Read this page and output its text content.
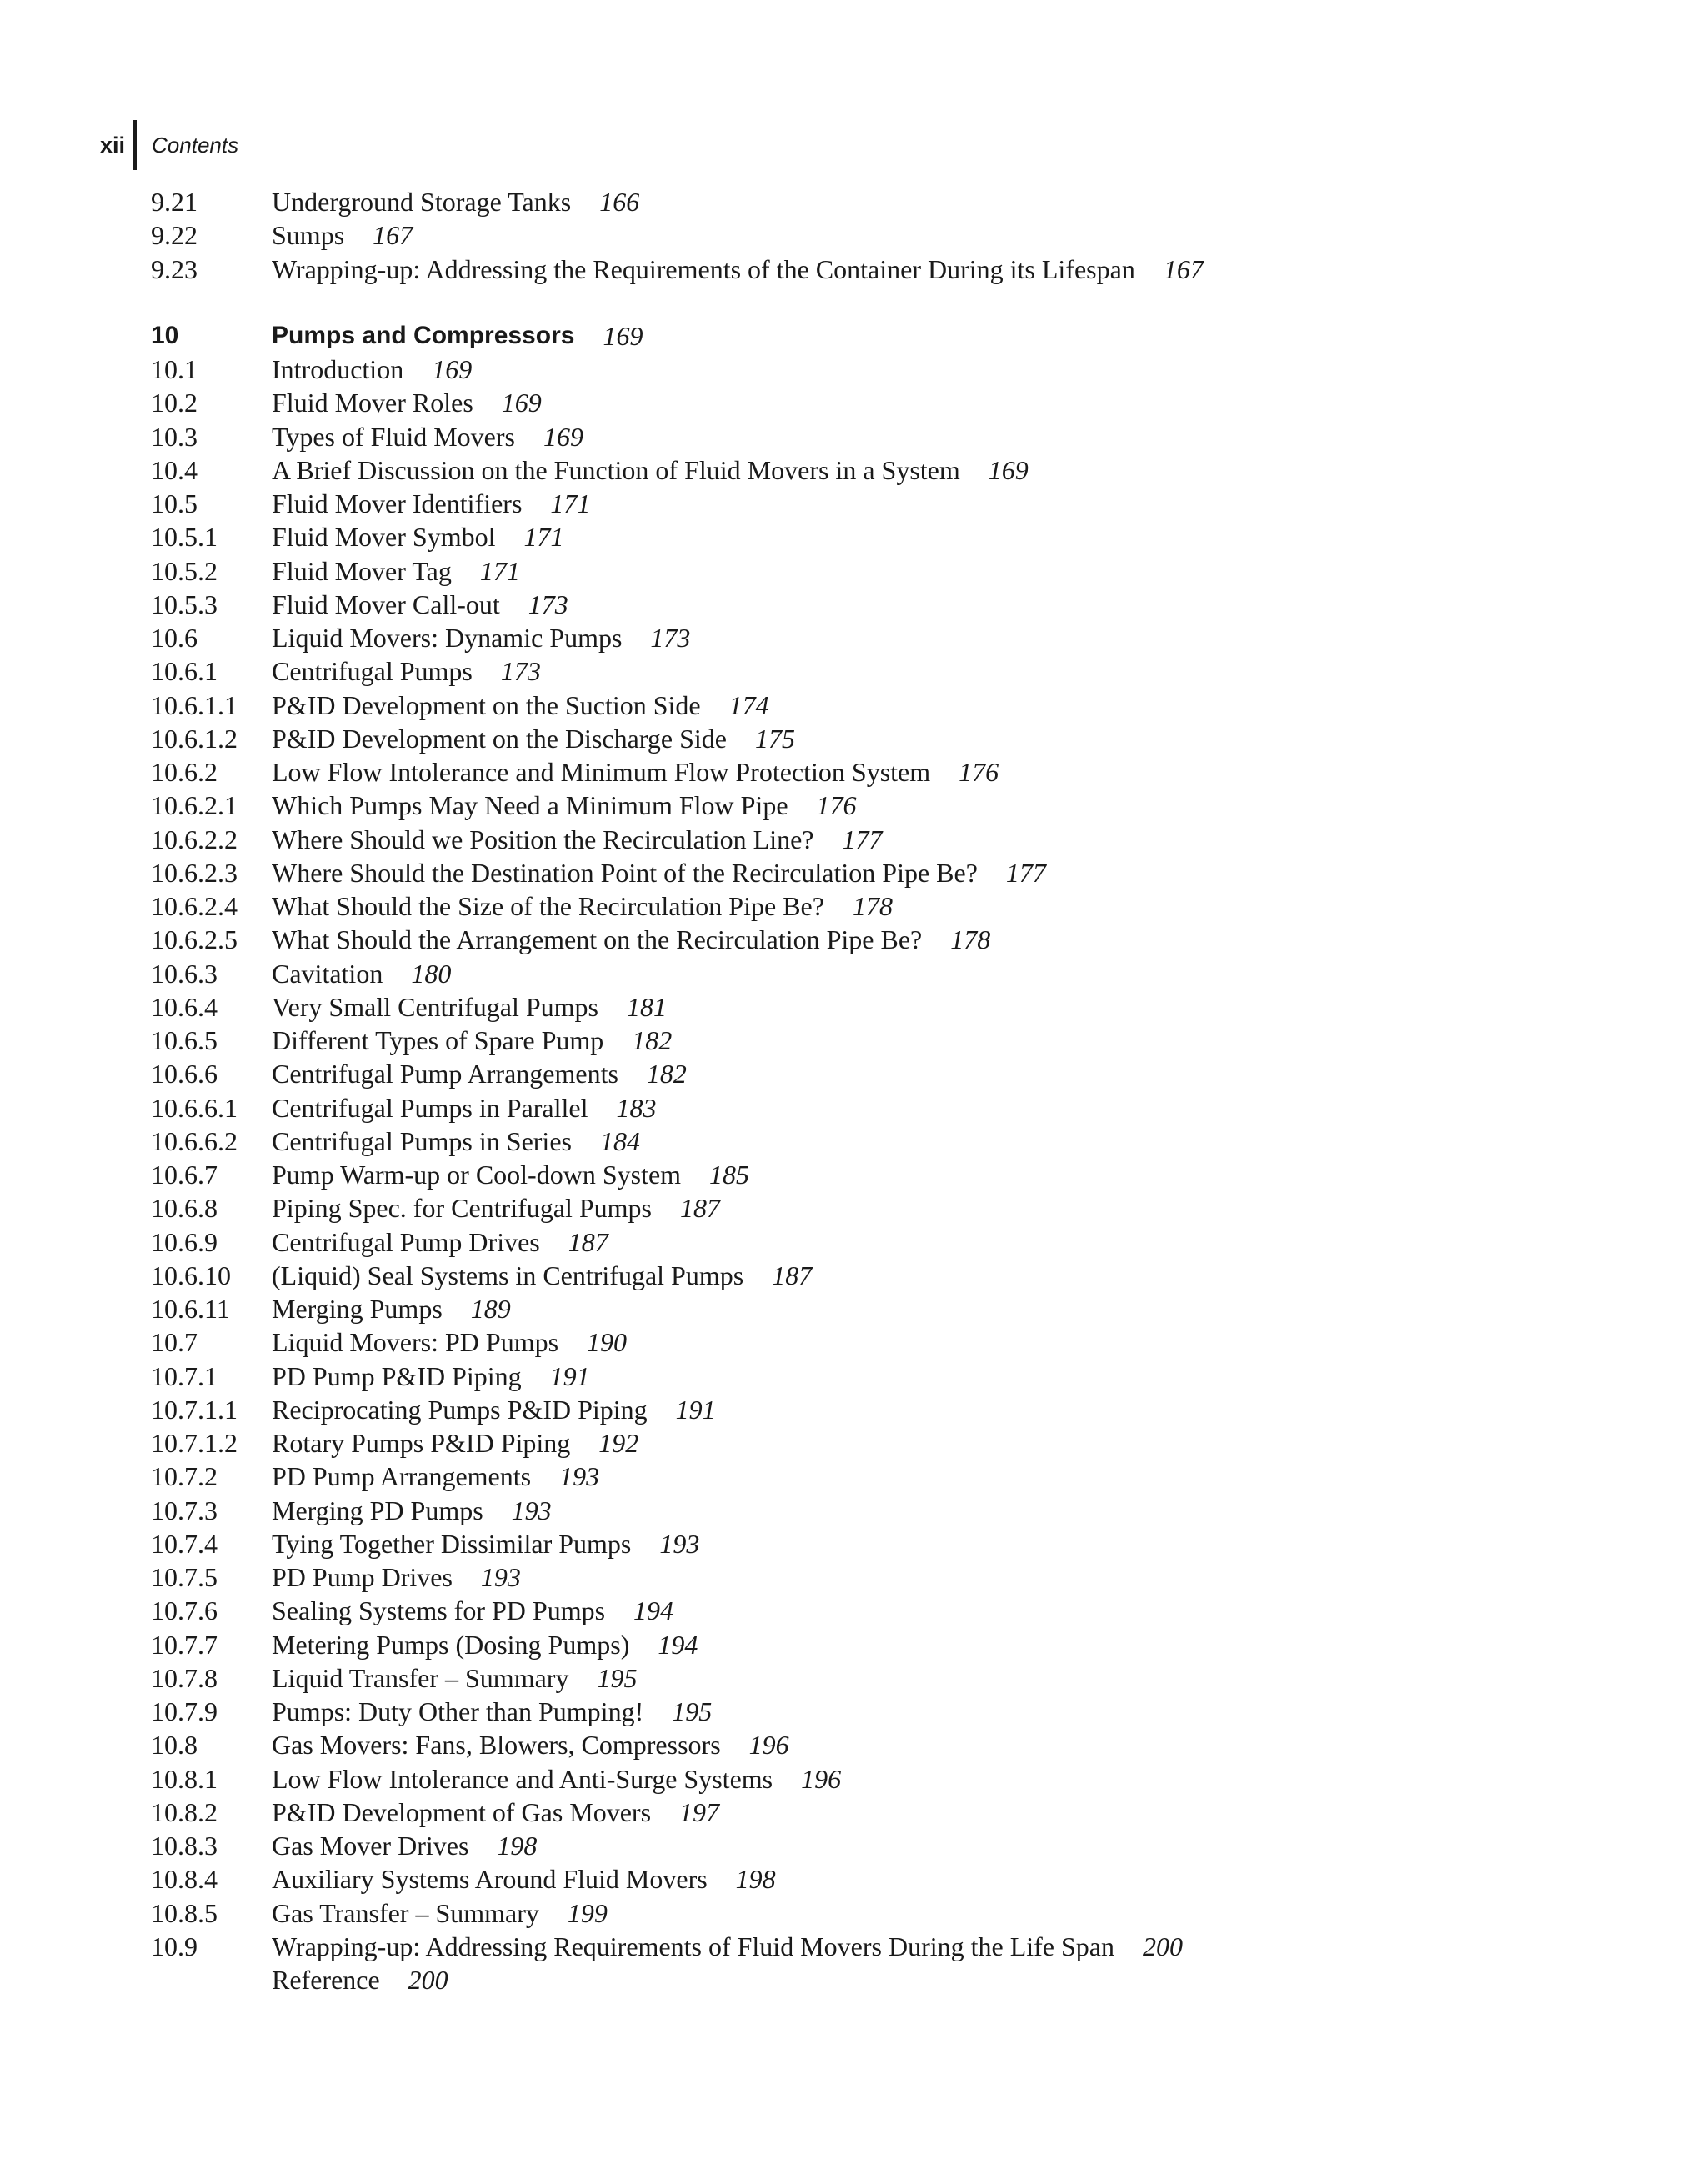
xii	Contents
9.21	Underground Storage Tanks 166
9.22	Sumps 167
9.23	Wrapping-up: Addressing the Requirements of the Container During its Lifespan 167
10	Pumps and Compressors 169
10.1	Introduction 169
10.2	Fluid Mover Roles 169
10.3	Types of Fluid Movers 169
10.4	A Brief Discussion on the Function of Fluid Movers in a System 169
10.5	Fluid Mover Identifiers 171
10.5.1	Fluid Mover Symbol 171
10.5.2	Fluid Mover Tag 171
10.5.3	Fluid Mover Call-out 173
10.6	Liquid Movers: Dynamic Pumps 173
10.6.1	Centrifugal Pumps 173
10.6.1.1	P&ID Development on the Suction Side 174
10.6.1.2	P&ID Development on the Discharge Side 175
10.6.2	Low Flow Intolerance and Minimum Flow Protection System 176
10.6.2.1	Which Pumps May Need a Minimum Flow Pipe 176
10.6.2.2	Where Should we Position the Recirculation Line? 177
10.6.2.3	Where Should the Destination Point of the Recirculation Pipe Be? 177
10.6.2.4	What Should the Size of the Recirculation Pipe Be? 178
10.6.2.5	What Should the Arrangement on the Recirculation Pipe Be? 178
10.6.3	Cavitation 180
10.6.4	Very Small Centrifugal Pumps 181
10.6.5	Different Types of Spare Pump 182
10.6.6	Centrifugal Pump Arrangements 182
10.6.6.1	Centrifugal Pumps in Parallel 183
10.6.6.2	Centrifugal Pumps in Series 184
10.6.7	Pump Warm-up or Cool-down System 185
10.6.8	Piping Spec. for Centrifugal Pumps 187
10.6.9	Centrifugal Pump Drives 187
10.6.10	(Liquid) Seal Systems in Centrifugal Pumps 187
10.6.11	Merging Pumps 189
10.7	Liquid Movers: PD Pumps 190
10.7.1	PD Pump P&ID Piping 191
10.7.1.1	Reciprocating Pumps P&ID Piping 191
10.7.1.2	Rotary Pumps P&ID Piping 192
10.7.2	PD Pump Arrangements 193
10.7.3	Merging PD Pumps 193
10.7.4	Tying Together Dissimilar Pumps 193
10.7.5	PD Pump Drives 193
10.7.6	Sealing Systems for PD Pumps 194
10.7.7	Metering Pumps (Dosing Pumps) 194
10.7.8	Liquid Transfer – Summary 195
10.7.9	Pumps: Duty Other than Pumping! 195
10.8	Gas Movers: Fans, Blowers, Compressors 196
10.8.1	Low Flow Intolerance and Anti-Surge Systems 196
10.8.2	P&ID Development of Gas Movers 197
10.8.3	Gas Mover Drives 198
10.8.4	Auxiliary Systems Around Fluid Movers 198
10.8.5	Gas Transfer – Summary 199
10.9	Wrapping-up: Addressing Requirements of Fluid Movers During the Life Span 200
Reference 200
